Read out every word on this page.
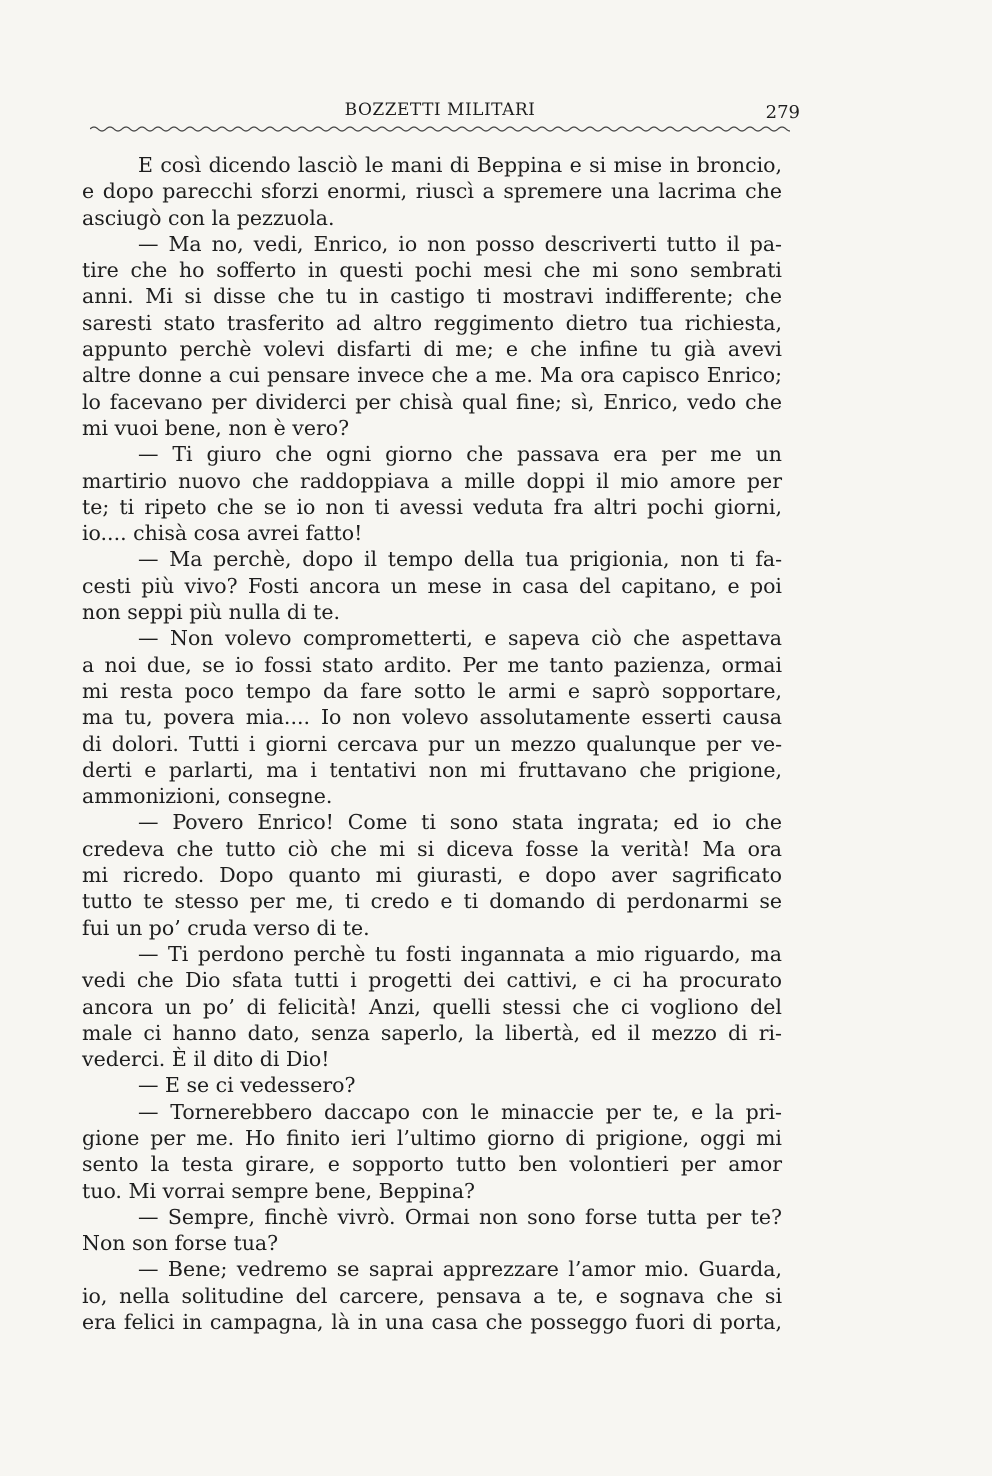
BOZZETTI MILITARI	279
E così dicendo lasciò le mani di Beppina e si mise in broncio,
e dopo parecchi sforzi enormi, riuscì a spremere una lacrima che
asciugò con la pezzuola.
— Ma no, vedi, Enrico, io non posso descriverti tutto il pa-
tire che ho sofferto in questi pochi mesi che mi sono sembrati
anni. Mi si disse che tu in castigo ti mostravi indifferente; che
saresti stato trasferito ad altro reggimento dietro tua richiesta,
appunto perchè volevi disfarti di me; e che infine tu già avevi
altre donne a cui pensare invece che a me. Ma ora capisco Enrico;
lo facevano per dividerci per chisà qual fine; sì, Enrico, vedo che
mi vuoi bene, non è vero?
— Ti giuro che ogni giorno che passava era per me un
martirio nuovo che raddoppiava a mille doppi il mio amore per
te; ti ripeto che se io non ti avessi veduta fra altri pochi giorni,
io.... chisà cosa avrei fatto!
— Ma perchè, dopo il tempo della tua prigionia, non ti fa-
cesti più vivo? Fosti ancora un mese in casa del capitano, e poi
non seppi più nulla di te.
— Non volevo comprometterti, e sapeva ciò che aspettava
a noi due, se io fossi stato ardito. Per me tanto pazienza, ormai
mi resta poco tempo da fare sotto le armi e saprò sopportare,
ma tu, povera mia.... Io non volevo assolutamente esserti causa
di dolori. Tutti i giorni cercava pur un mezzo qualunque per ve-
derti e parlarti, ma i tentativi non mi fruttavano che prigione,
ammonizioni, consegne.
— Povero Enrico! Come ti sono stata ingrata; ed io che
credeva che tutto ciò che mi si diceva fosse la verità! Ma ora
mi ricredo. Dopo quanto mi giurasti, e dopo aver sagrificato
tutto te stesso per me, ti credo e ti domando di perdonarmi se
fui un po’ cruda verso di te.
— Ti perdono perchè tu fosti ingannata a mio riguardo, ma
vedi che Dio sfata tutti i progetti dei cattivi, e ci ha procurato
ancora un po’ di felicità! Anzi, quelli stessi che ci vogliono del
male ci hanno dato, senza saperlo, la libertà, ed il mezzo di ri-
vederci. È il dito di Dio!
— E se ci vedessero?
— Tornerebbero daccapo con le minaccie per te, e la pri-
gione per me. Ho finito ieri l’ultimo giorno di prigione, oggi mi
sento la testa girare, e sopporto tutto ben volontieri per amor
tuo. Mi vorrai sempre bene, Beppina?
— Sempre, finchè vivrò. Ormai non sono forse tutta per te?
Non son forse tua?
— Bene; vedremo se saprai apprezzare l’amor mio. Guarda,
io, nella solitudine del carcere, pensava a te, e sognava che si
era felici in campagna, là in una casa che posseggo fuori di porta,
